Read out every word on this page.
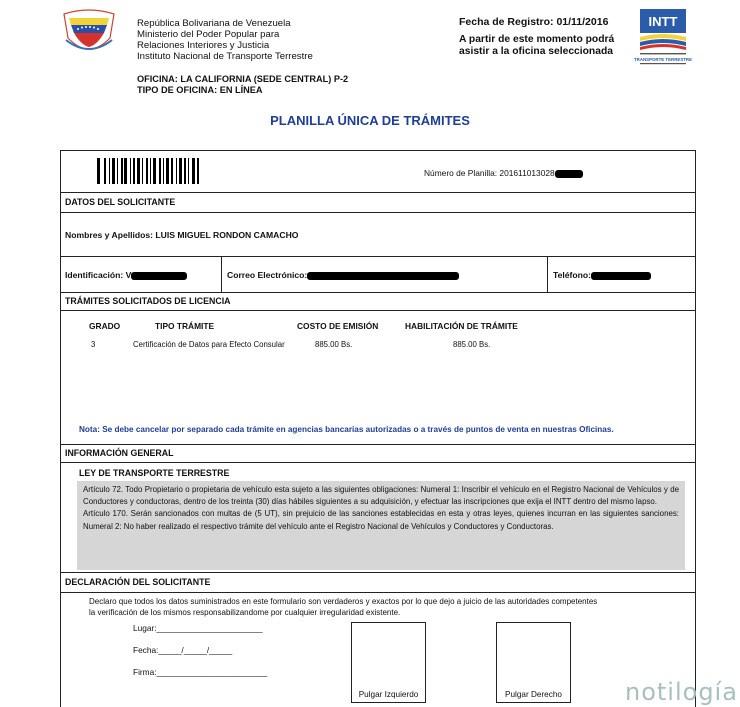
República Bolivariana de Venezuela
Ministerio del Poder Popular para
Relaciones Interiores y Justicia
Instituto Nacional de Transporte Terrestre
OFICINA: LA CALIFORNIA (SEDE CENTRAL) P-2
TIPO DE OFICINA: EN LÍNEA
Fecha de Registro: 01/11/2016
A partir de este momento podrá
asistir a la oficina seleccionada
INTT
TRANSPORTE TERRESTRE
PLANILLA ÚNICA DE TRÁMITES
Número de Planilla: 201611013028
DATOS DEL SOLICITANTE
Nombres y Apellidos: LUIS MIGUEL RONDON CAMACHO
Identificación: V	Correo Electrónico:	Teléfono:
TRÁMITES SOLICITADOS DE LICENCIA
GRADO	TIPO TRÁMITE	COSTO DE EMISIÓN	HABILITACIÓN DE TRÁMITE
3	Certificación de Datos para Efecto Consular	885.00 Bs.	885.00 Bs.
Nota: Se debe cancelar por separado cada trámite en agencias bancarias autorizadas o a través de puntos de venta en nuestras Oficinas.
INFORMACIÓN GENERAL
LEY DE TRANSPORTE TERRESTRE
Artículo 72. Todo Propietario o propietaria de vehículo esta sujeto a las siguientes obligaciones: Numeral 1: Inscribir el vehículo en el Registro Nacional de Vehículos y de Conductores y conductoras, dentro de los treinta (30) días hábiles siguientes a su adquisición, y efectuar las inscripciones que exija el INTT dentro del mismo lapso.
Artículo 170. Serán sancionados con multas de (5 UT), sin prejuicio de las sanciones establecidas en esta y otras leyes, quienes incurran en las siguientes sanciones: Numeral 2: No haber realizado el respectivo trámite del vehículo ante el Registro Nacional de Vehículos y Conductores y Conductoras.
DECLARACIÓN DEL SOLICITANTE
Declaro que todos los datos suministrados en este formulario son verdaderos y exactos por lo que dejo a juicio de las autoridades competentes
la verificación de los mismos responsabilizandome por cualquier irregularidad existente.
Lugar:_______________________
Fecha:_____/_____/_____
Firma:________________________
Pulgar Izquierdo	Pulgar Derecho	notilogía
